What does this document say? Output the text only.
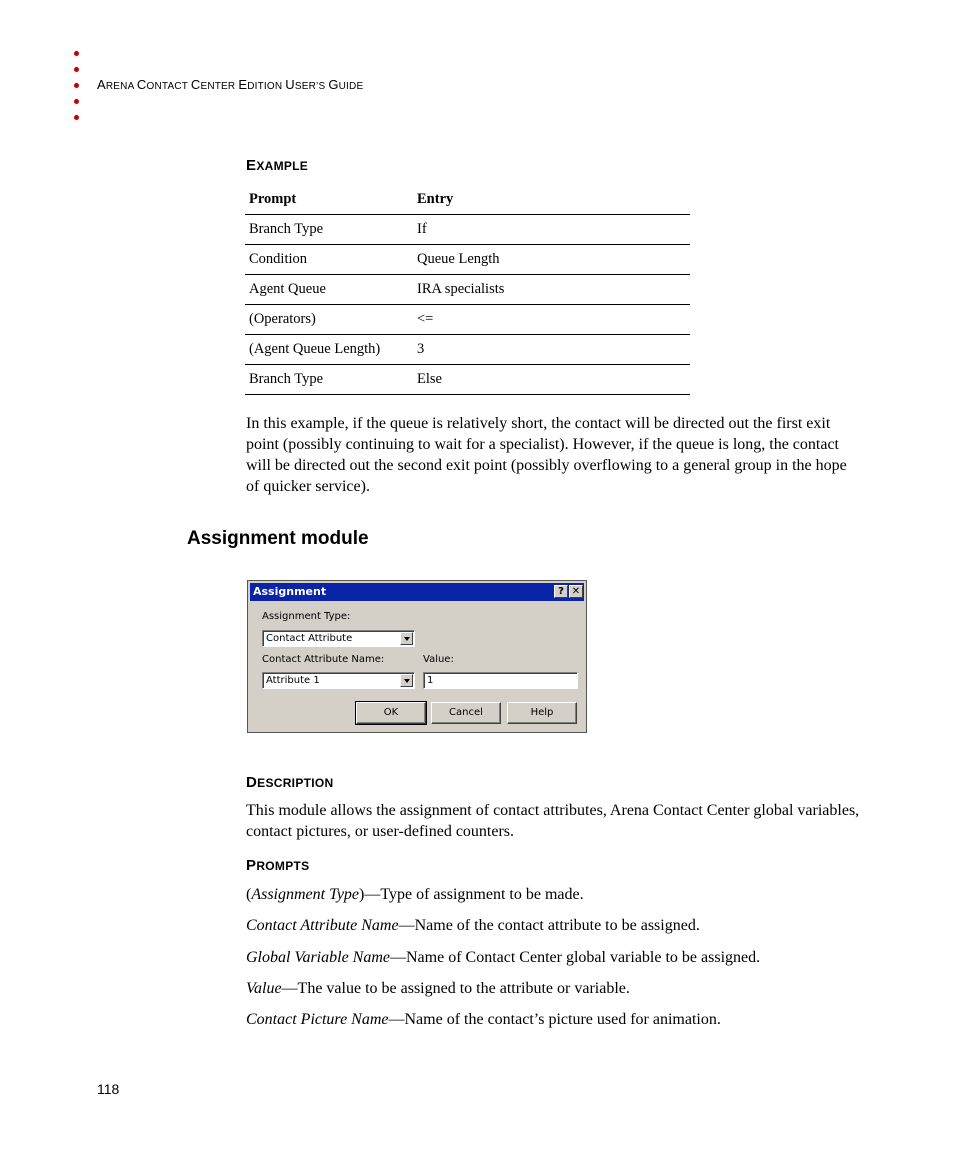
ARENA CONTACT CENTER EDITION USER’S GUIDE
EXAMPLE
Prompt	Entry
Branch Type	If
Condition	Queue Length
Agent Queue	IRA specialists
(Operators)	<=
(Agent Queue Length)	3
Branch Type	Else

In this example, if the queue is relatively short, the contact will be directed out the first exit point (possibly continuing to wait for a specialist). However, if the queue is long, the contact will be directed out the second exit point (possibly overflowing to a general group in the hope of quicker service).

Assignment module
Assignment	? ✕
Assignment Type:
Contact Attribute
Contact Attribute Name:	Value:
Attribute 1	1
OK	Cancel	Help
DESCRIPTION

This module allows the assignment of contact attributes, Arena Contact Center global variables, contact pictures, or user-defined counters.

PROMPTS
(Assignment Type)—Type of assignment to be made.
Contact Attribute Name—Name of the contact attribute to be assigned.
Global Variable Name—Name of Contact Center global variable to be assigned.
Value—The value to be assigned to the attribute or variable.
Contact Picture Name—Name of the contact’s picture used for animation.
118
